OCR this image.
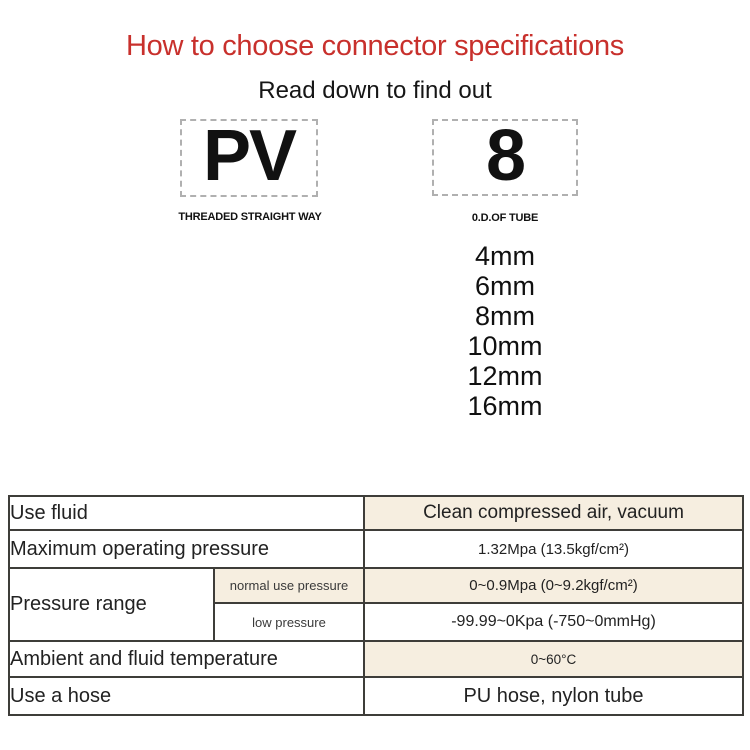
How to choose connector specifications
Read down to find out
PV	8
THREADED STRAIGHT WAY	0.D.OF TUBE
4mm
6mm
8mm
10mm
12mm
16mm
Use fluid		Clean compressed air, vacuum
Maximum operating pressure		1.32Mpa (13.5kgf/cm²)
Pressure range	normal use pressure	0~0.9Mpa (0~9.2kgf/cm²)
	low pressure	-99.99~0Kpa (-750~0mmHg)
Ambient and fluid temperature		0~60°C
Use a hose		PU hose, nylon tube
